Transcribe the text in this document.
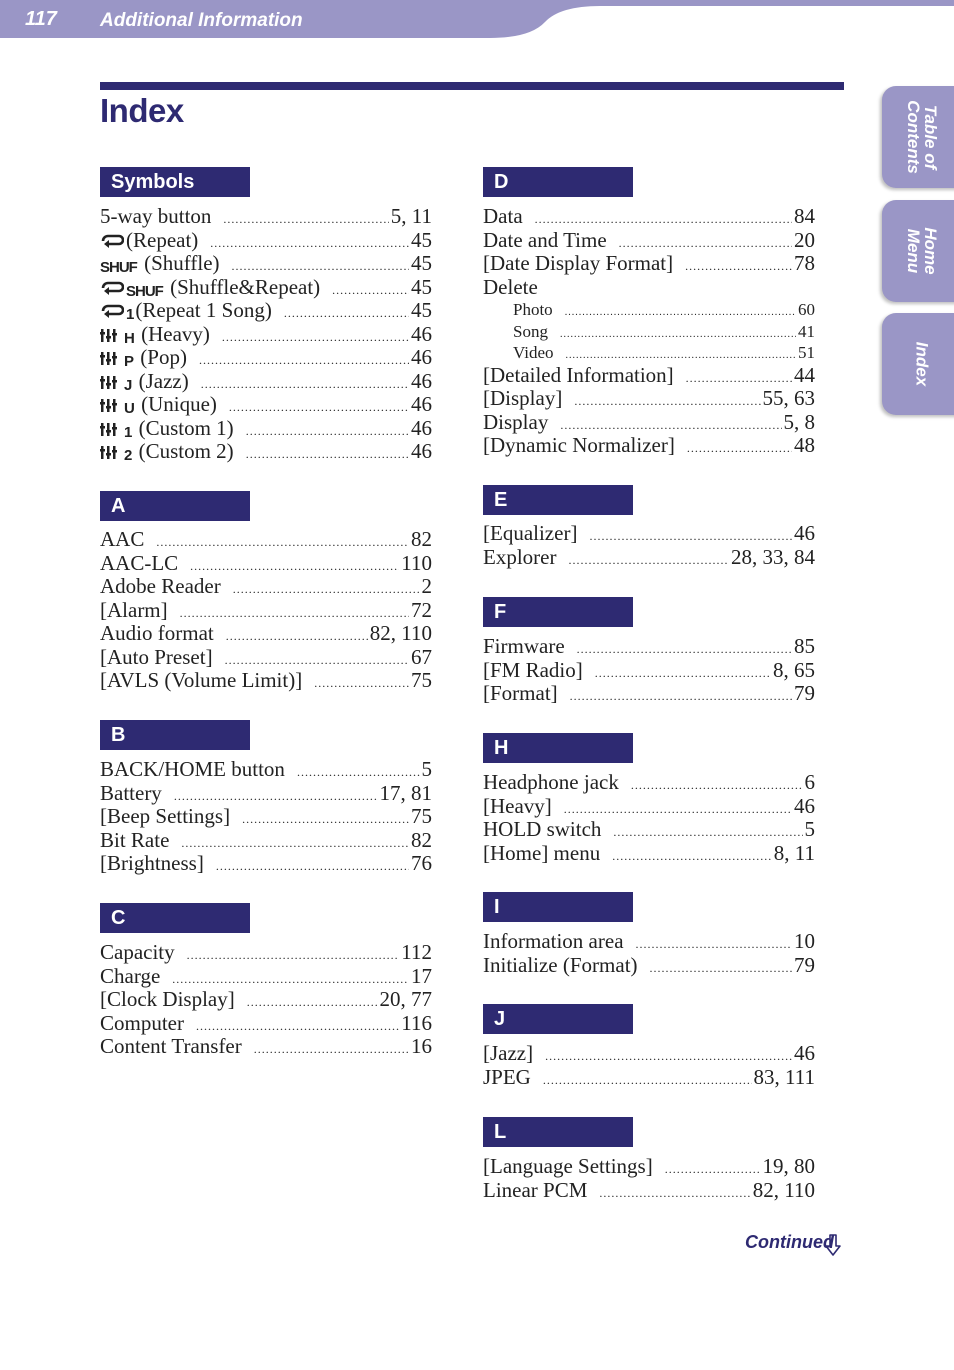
117 Additional Information
Index	Table of
Contents
Home
Menu
Index
Symbols
5-way button .....	5, 11
(Repeat) .....	45
SHUF (Shuffle) .....	45
SHUF (Shuffle&Repeat) .....	45
1(Repeat 1 Song) .....	45
H (Heavy) .....	46
P (Pop) .....	46
J (Jazz) .....	46
U (Unique) .....	46
1 (Custom 1) .....	46
2 (Custom 2) .....	46
A
AAC .....	82
AAC-LC .....	110
Adobe Reader .....	2
[Alarm] .....	72
Audio format .....	82, 110
[Auto Preset] .....	67
[AVLS (Volume Limit)] .....	75
B
BACK/HOME button .....	5
Battery .....	17, 81
[Beep Settings] .....	75
Bit Rate .....	82
[Brightness] .....	76
C
Capacity .....	112
Charge .....	17
[Clock Display] .....	20, 77
Computer .....	116
Content Transfer .....	16
D
Data .....	84
Date and Time .....	20
[Date Display Format] .....	78
Delete
Photo .....	60
Song .....	41
Video .....	51
[Detailed Information] .....	44
[Display] .....	55, 63
Display .....	5, 8
[Dynamic Normalizer] .....	48
E
[Equalizer] .....	46
Explorer .....	28, 33, 84
F
Firmware .....	85
[FM Radio] .....	8, 65
[Format] .....	79
H
Headphone jack .....	6
[Heavy] .....	46
HOLD switch .....	5
[Home] menu .....	8, 11
I
Information area .....	10
Initialize (Format) .....	79
J
[Jazz] .....	46
JPEG .....	83, 111
L
[Language Settings] .....	19, 80
Linear PCM .....	82, 110
Continued
